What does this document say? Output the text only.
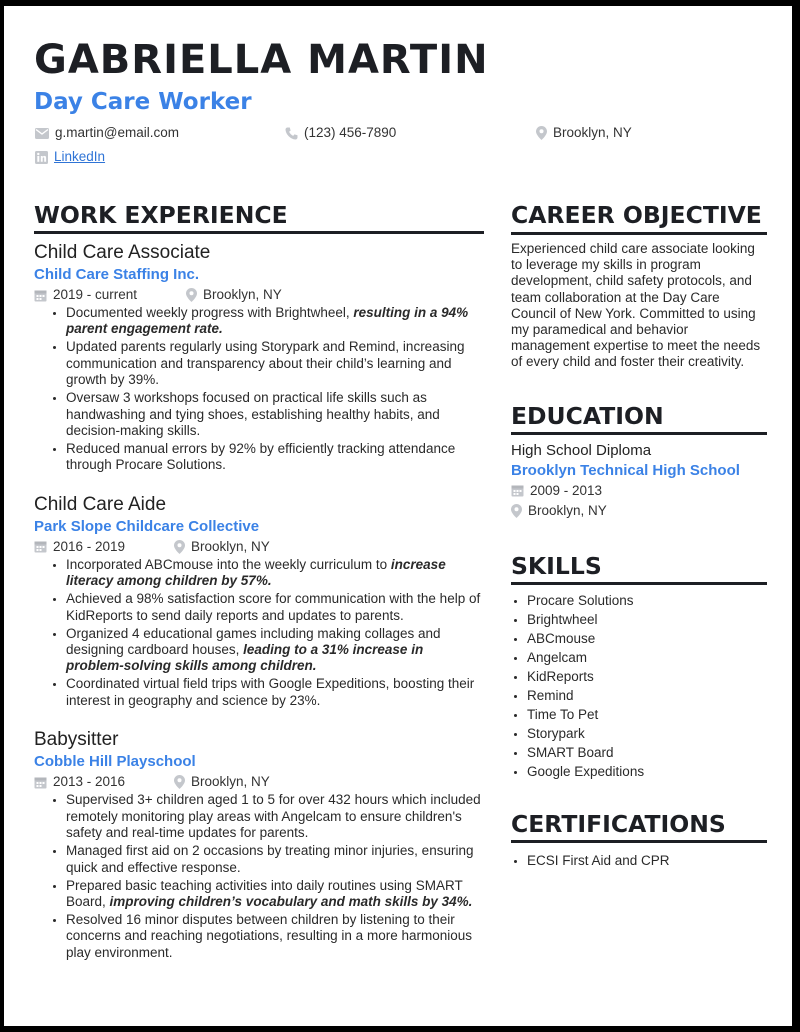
GABRIELLA MARTIN
Day Care Worker
g.martin@email.com	(123) 456-7890	Brooklyn, NY
LinkedIn
WORK EXPERIENCE
Child Care Associate
Child Care Staffing Inc.
2019 - current	Brooklyn, NY
• Documented weekly progress with Brightwheel, resulting in a 94% parent engagement rate.
• Updated parents regularly using Storypark and Remind, increasing communication and transparency about their child’s learning and growth by 39%.
• Oversaw 3 workshops focused on practical life skills such as handwashing and tying shoes, establishing healthy habits, and decision-making skills.
• Reduced manual errors by 92% by efficiently tracking attendance through Procare Solutions.
Child Care Aide
Park Slope Childcare Collective
2016 - 2019	Brooklyn, NY
• Incorporated ABCmouse into the weekly curriculum to increase literacy among children by 57%.
• Achieved a 98% satisfaction score for communication with the help of KidReports to send daily reports and updates to parents.
• Organized 4 educational games including making collages and designing cardboard houses, leading to a 31% increase in problem-solving skills among children.
• Coordinated virtual field trips with Google Expeditions, boosting their interest in geography and science by 23%.
Babysitter
Cobble Hill Playschool
2013 - 2016	Brooklyn, NY
• Supervised 3+ children aged 1 to 5 for over 432 hours which included remotely monitoring play areas with Angelcam to ensure children's safety and real-time updates for parents.
• Managed first aid on 2 occasions by treating minor injuries, ensuring quick and effective response.
• Prepared basic teaching activities into daily routines using SMART Board, improving children’s vocabulary and math skills by 34%.
• Resolved 16 minor disputes between children by listening to their concerns and reaching negotiations, resulting in a more harmonious play environment.
CAREER OBJECTIVE
Experienced child care associate looking to leverage my skills in program development, child safety protocols, and team collaboration at the Day Care Council of New York. Committed to using my paramedical and behavior management expertise to meet the needs of every child and foster their creativity.
EDUCATION
High School Diploma
Brooklyn Technical High School
2009 - 2013
Brooklyn, NY
SKILLS
• Procare Solutions
• Brightwheel
• ABCmouse
• Angelcam
• KidReports
• Remind
• Time To Pet
• Storypark
• SMART Board
• Google Expeditions
CERTIFICATIONS
• ECSI First Aid and CPR
